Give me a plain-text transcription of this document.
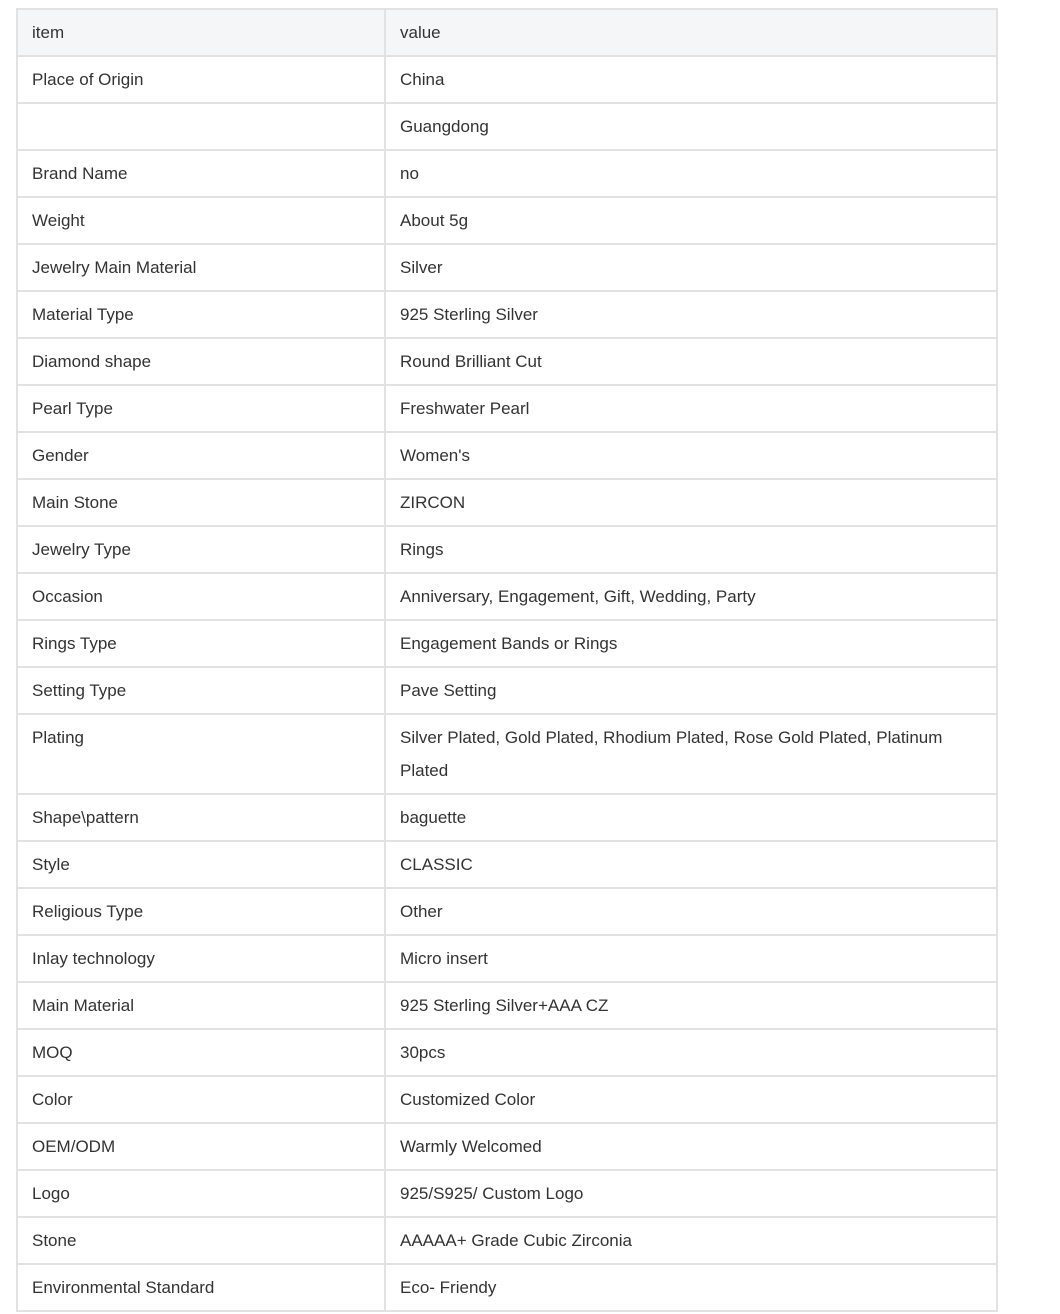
item	value
Place of Origin	China
	Guangdong
Brand Name	no
Weight	About 5g
Jewelry Main Material	Silver
Material Type	925 Sterling Silver
Diamond shape	Round Brilliant Cut
Pearl Type	Freshwater Pearl
Gender	Women's
Main Stone	ZIRCON
Jewelry Type	Rings
Occasion	Anniversary, Engagement, Gift, Wedding, Party
Rings Type	Engagement Bands or Rings
Setting Type	Pave Setting
Plating	Silver Plated, Gold Plated, Rhodium Plated, Rose Gold Plated, Platinum Plated
Shape\pattern	baguette
Style	CLASSIC
Religious Type	Other
Inlay technology	Micro insert
Main Material	925 Sterling Silver+AAA CZ
MOQ	30pcs
Color	Customized Color
OEM/ODM	Warmly Welcomed
Logo	925/S925/ Custom Logo
Stone	AAAAA+ Grade Cubic Zirconia
Environmental Standard	Eco- Friendy
